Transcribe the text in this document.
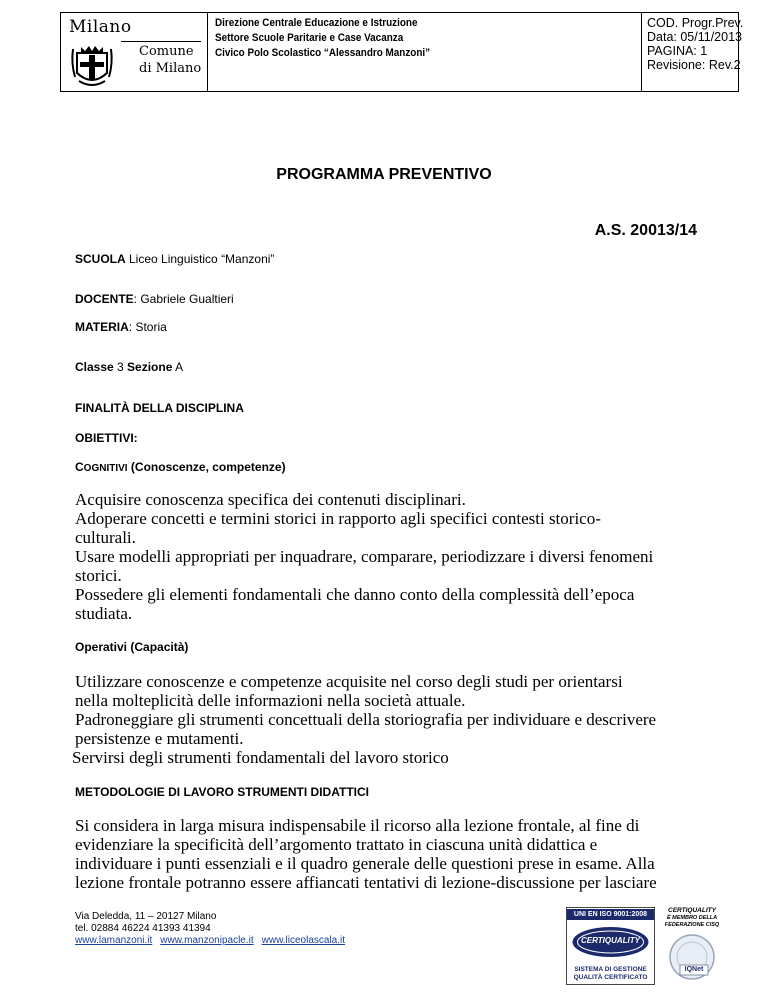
Milano
Comune
di Milano
Direzione Centrale Educazione e Istruzione
Settore Scuole Paritarie e Case Vacanza
Civico Polo Scolastico “Alessandro Manzoni”
COD. Progr.Prev.
Data: 05/11/2013
PAGINA: 1
Revisione: Rev.2
PROGRAMMA PREVENTIVO
A.S. 20013/14
SCUOLA Liceo Linguistico “Manzoni”
DOCENTE: Gabriele Gualtieri
MATERIA: Storia
Classe 3 Sezione A
FINALITÀ DELLA DISCIPLINA
OBIETTIVI:
COGNITIVI (Conoscenze, competenze)
Acquisire conoscenza specifica dei contenuti disciplinari.
Adoperare concetti e termini storici in rapporto agli specifici contesti storico-
culturali.
Usare modelli appropriati per inquadrare, comparare, periodizzare i diversi fenomeni
storici.
Possedere gli elementi fondamentali che danno conto della complessità dell’epoca
studiata.
Operativi (Capacità)
Utilizzare conoscenze e competenze acquisite nel corso degli studi per orientarsi
nella molteplicità delle informazioni nella società attuale.
Padroneggiare gli strumenti concettuali della storiografia per individuare e descrivere
persistenze e mutamenti.
Servirsi degli strumenti fondamentali del lavoro storico
METODOLOGIE DI LAVORO STRUMENTI DIDATTICI
Si considera in larga misura indispensabile il ricorso alla lezione frontale, al fine di
evidenziare la specificità dell’argomento trattato in ciascuna unità didattica e
individuare i punti essenziali e il quadro generale delle questioni prese in esame. Alla
lezione frontale potranno essere affiancati tentativi di lezione-discussione per lasciare
Via Deledda, 11 – 20127 Milano
tel. 02884 46224 41393 41394
www.lamanzoni.it www.manzonipacle.it www.liceolascala.it
UNI EN ISO 9001:2008
CERTIQUALITY
SISTEMA DI GESTIONE
QUALITÀ CERTIFICATO
CERTIQUALITY
È MEMBRO DELLA
FEDERAZIONE CISQ
IQNet
